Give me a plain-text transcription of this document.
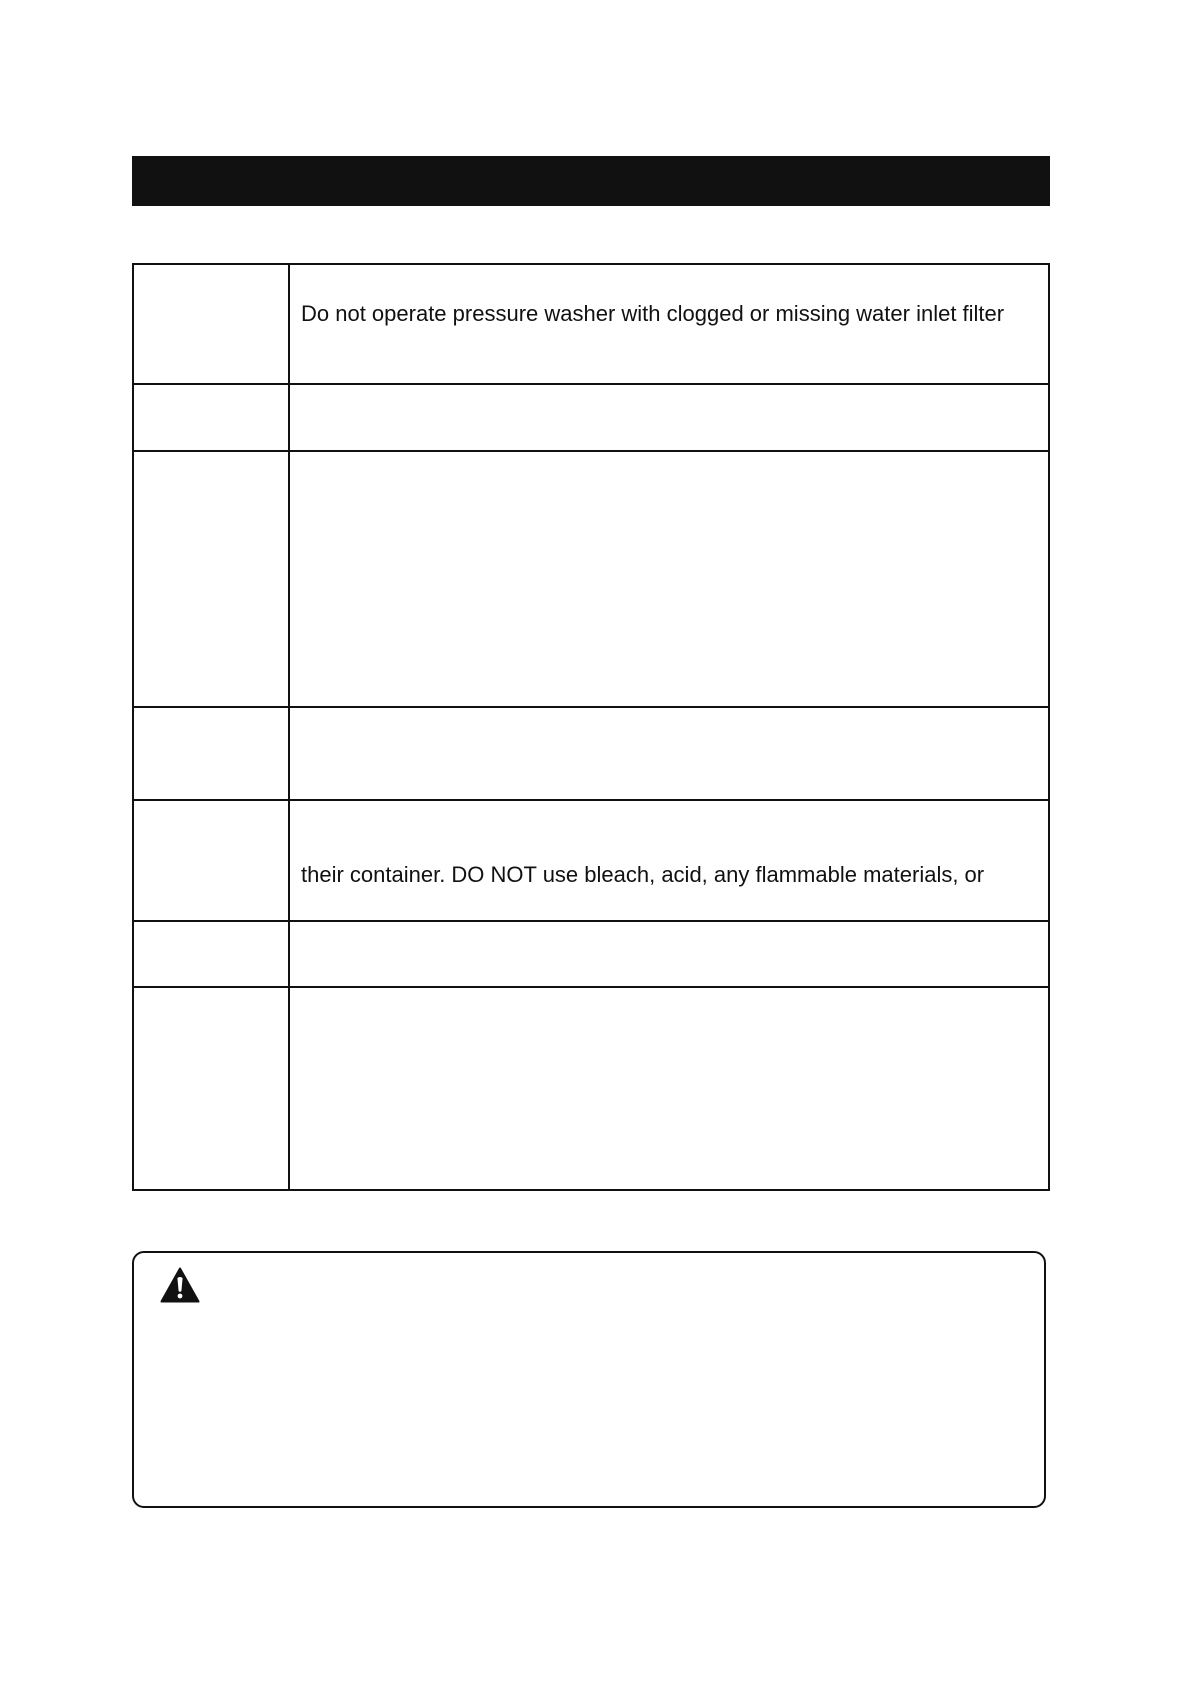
	Do not operate pressure washer with clogged or missing water inlet filter

	their container. DO NOT use bleach, acid, any flammable materials, or
